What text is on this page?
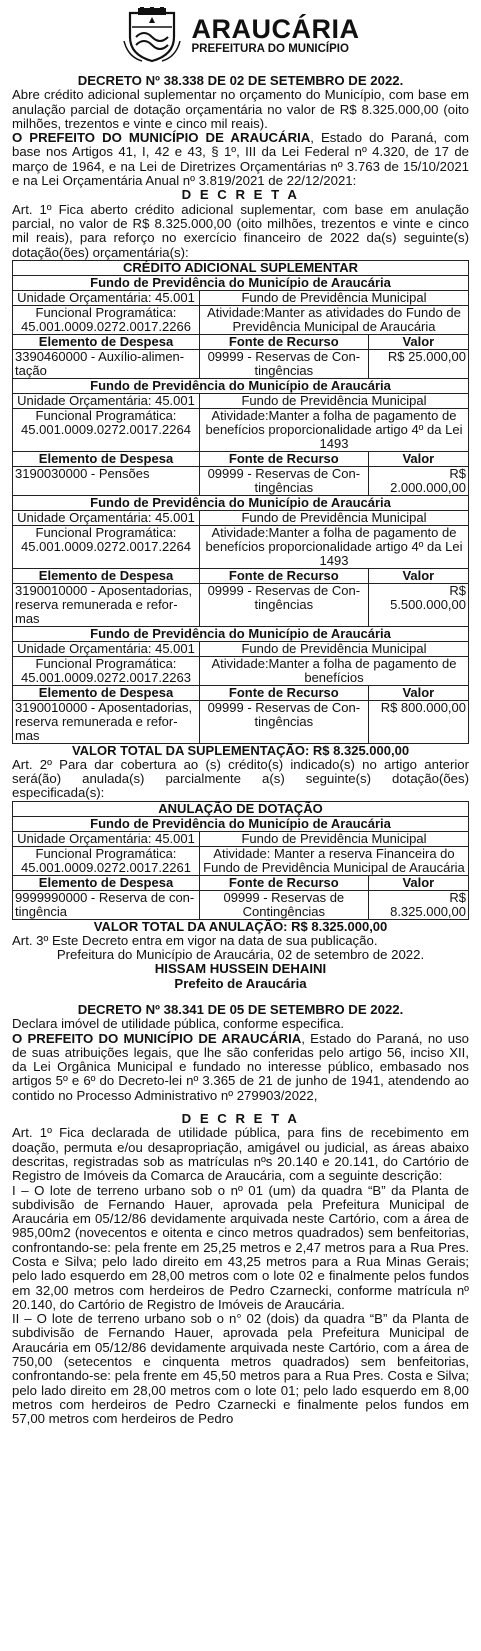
ARAUCÁRIA
PREFEITURA DO MUNICÍPIO

DECRETO Nº 38.338 DE 02 DE SETEMBRO DE 2022.

Abre crédito adicional suplementar no orçamento do Município, com base em anulação parcial de dotação orçamentária no valor de R$ 8.325.000,00 (oito milhões, trezentos e vinte e cinco mil reais).

O PREFEITO DO MUNICÍPIO DE ARAUCÁRIA, Estado do Paraná, com base nos Artigos 41, I, 42 e 43, § 1º, III da Lei Federal nº 4.320, de 17 de março de 1964, e na Lei de Diretrizes Orçamentárias nº 3.763 de 15/10/2021 e na Lei Orçamentária Anual nº 3.819/2021 de 22/12/2021:

D E C R E T A

Art. 1º Fica aberto crédito adicional suplementar, com base em anulação parcial, no valor de R$ 8.325.000,00 (oito milhões, trezentos e vinte e cinco mil reais), para reforço no exercício financeiro de 2022 da(s) seguinte(s) dotação(ões) orçamentária(s):

CRÉDITO ADICIONAL SUPLEMENTAR		
Fundo de Previdência do Município de Araucária		
Unidade Orçamentária: 45.001	Fundo de Previdência Municipal	
Funcional Programática:
45.001.0009.0272.0017.2266	Atividade:Manter as atividades do Fundo de Previdência Municipal de Araucária	
Elemento de Despesa	Fonte de Recurso	Valor
3390460000 - Auxílio-alimen-tação	09999 - Reservas de Con-tingências	R$ 25.000,00
Fundo de Previdência do Município de Araucária		
Unidade Orçamentária: 45.001	Fundo de Previdência Municipal	
Funcional Programática:
45.001.0009.0272.0017.2264	Atividade:Manter a folha de pagamento de benefícios proporcionalidade artigo 4º da Lei 1493	
Elemento de Despesa	Fonte de Recurso	Valor
3190030000 - Pensões	09999 - Reservas de Con-tingências	R$ 2.000.000,00
Fundo de Previdência do Município de Araucária		
Unidade Orçamentária: 45.001	Fundo de Previdência Municipal	
Funcional Programática:
45.001.0009.0272.0017.2264	Atividade:Manter a folha de pagamento de benefícios proporcionalidade artigo 4º da Lei 1493	
Elemento de Despesa	Fonte de Recurso	Valor
3190010000 - Aposentadorias, reserva remunerada e refor-mas	09999 - Reservas de Con-tingências	R$ 5.500.000,00
Fundo de Previdência do Município de Araucária		
Unidade Orçamentária: 45.001	Fundo de Previdência Municipal	
Funcional Programática:
45.001.0009.0272.0017.2263	Atividade:Manter a folha de pagamento de benefícios	
Elemento de Despesa	Fonte de Recurso	Valor
3190010000 - Aposentadorias, reserva remunerada e refor-mas	09999 - Reservas de Con-tingências	R$ 800.000,00
VALOR TOTAL DA SUPLEMENTAÇÃO: R$ 8.325.000,00		

Art. 2º Para dar cobertura ao (s) crédito(s) indicado(s) no artigo anterior será(ão) anulada(s) parcialmente a(s) seguinte(s) dotação(ões) especificada(s):

ANULAÇÃO DE DOTAÇÃO		
Fundo de Previdência do Município de Araucária		
Unidade Orçamentária: 45.001	Fundo de Previdência Municipal	
Funcional Programática:
45.001.0009.0272.0017.2261	Atividade: Manter a reserva Financeira do Fundo de Previdência Municipal de Araucária	
Elemento de Despesa	Fonte de Recurso	Valor
9999990000 - Reserva de con-tingência	09999 - Reservas de Contingências	R$ 8.325.000,00
VALOR TOTAL DA ANULAÇÃO: R$ 8.325.000,00		

Art. 3º Este Decreto entra em vigor na data de sua publicação.

Prefeitura do Município de Araucária, 02 de setembro de 2022.

HISSAM HUSSEIN DEHAINI

Prefeito de Araucária

DECRETO Nº 38.341 DE 05 DE SETEMBRO DE 2022.

Declara imóvel de utilidade pública, conforme especifica.

O PREFEITO DO MUNICÍPIO DE ARAUCÁRIA, Estado do Paraná, no uso de suas atribuições legais, que lhe são conferidas pelo artigo 56, inciso XII, da Lei Orgânica Municipal e fundado no interesse público, embasado nos artigos 5º e 6º do Decreto-lei nº 3.365 de 21 de junho de 1941, atendendo ao contido no Processo Administrativo nº 279903/2022,

D E C R E T A

Art. 1º Fica declarada de utilidade pública, para fins de recebimento em doação, permuta e/ou desapropriação, amigável ou judicial, as áreas abaixo descritas, registradas sob as matrículas nºs 20.140 e 20.141, do Cartório de Registro de Imóveis da Comarca de Araucária, com a seguinte descrição:

I – O lote de terreno urbano sob o nº 01 (um) da quadra “B” da Planta de subdivisão de Fernando Hauer, aprovada pela Prefeitura Municipal de Araucária em 05/12/86 devidamente arquivada neste Cartório, com a área de 985,00m2 (novecentos e oitenta e cinco metros quadrados) sem benfeitorias, confrontando-se: pela frente em 25,25 metros e 2,47 metros para a Rua Pres. Costa e Silva; pelo lado direito em 43,25 metros para a Rua Minas Gerais; pelo lado esquerdo em 28,00 metros com o lote 02 e finalmente pelos fundos em 32,00 metros com herdeiros de Pedro Czarnecki, conforme matrícula nº 20.140, do Cartório de Registro de Imóveis de Araucária.

II – O lote de terreno urbano sob o n° 02 (dois) da quadra “B” da Planta de subdivisão de Fernando Hauer, aprovada pela Prefeitura Municipal de Araucária em 05/12/86 devidamente arquivada neste Cartório, com a área de 750,00 (setecentos e cinquenta metros quadrados) sem benfeitorias, confrontando-se: pela frente em 45,50 metros para a Rua Pres. Costa e Silva; pelo lado direito em 28,00 metros com o lote 01; pelo lado esquerdo em 8,00 metros com herdeiros de Pedro Czarnecki e finalmente pelos fundos em 57,00 metros com herdeiros de Pedro
